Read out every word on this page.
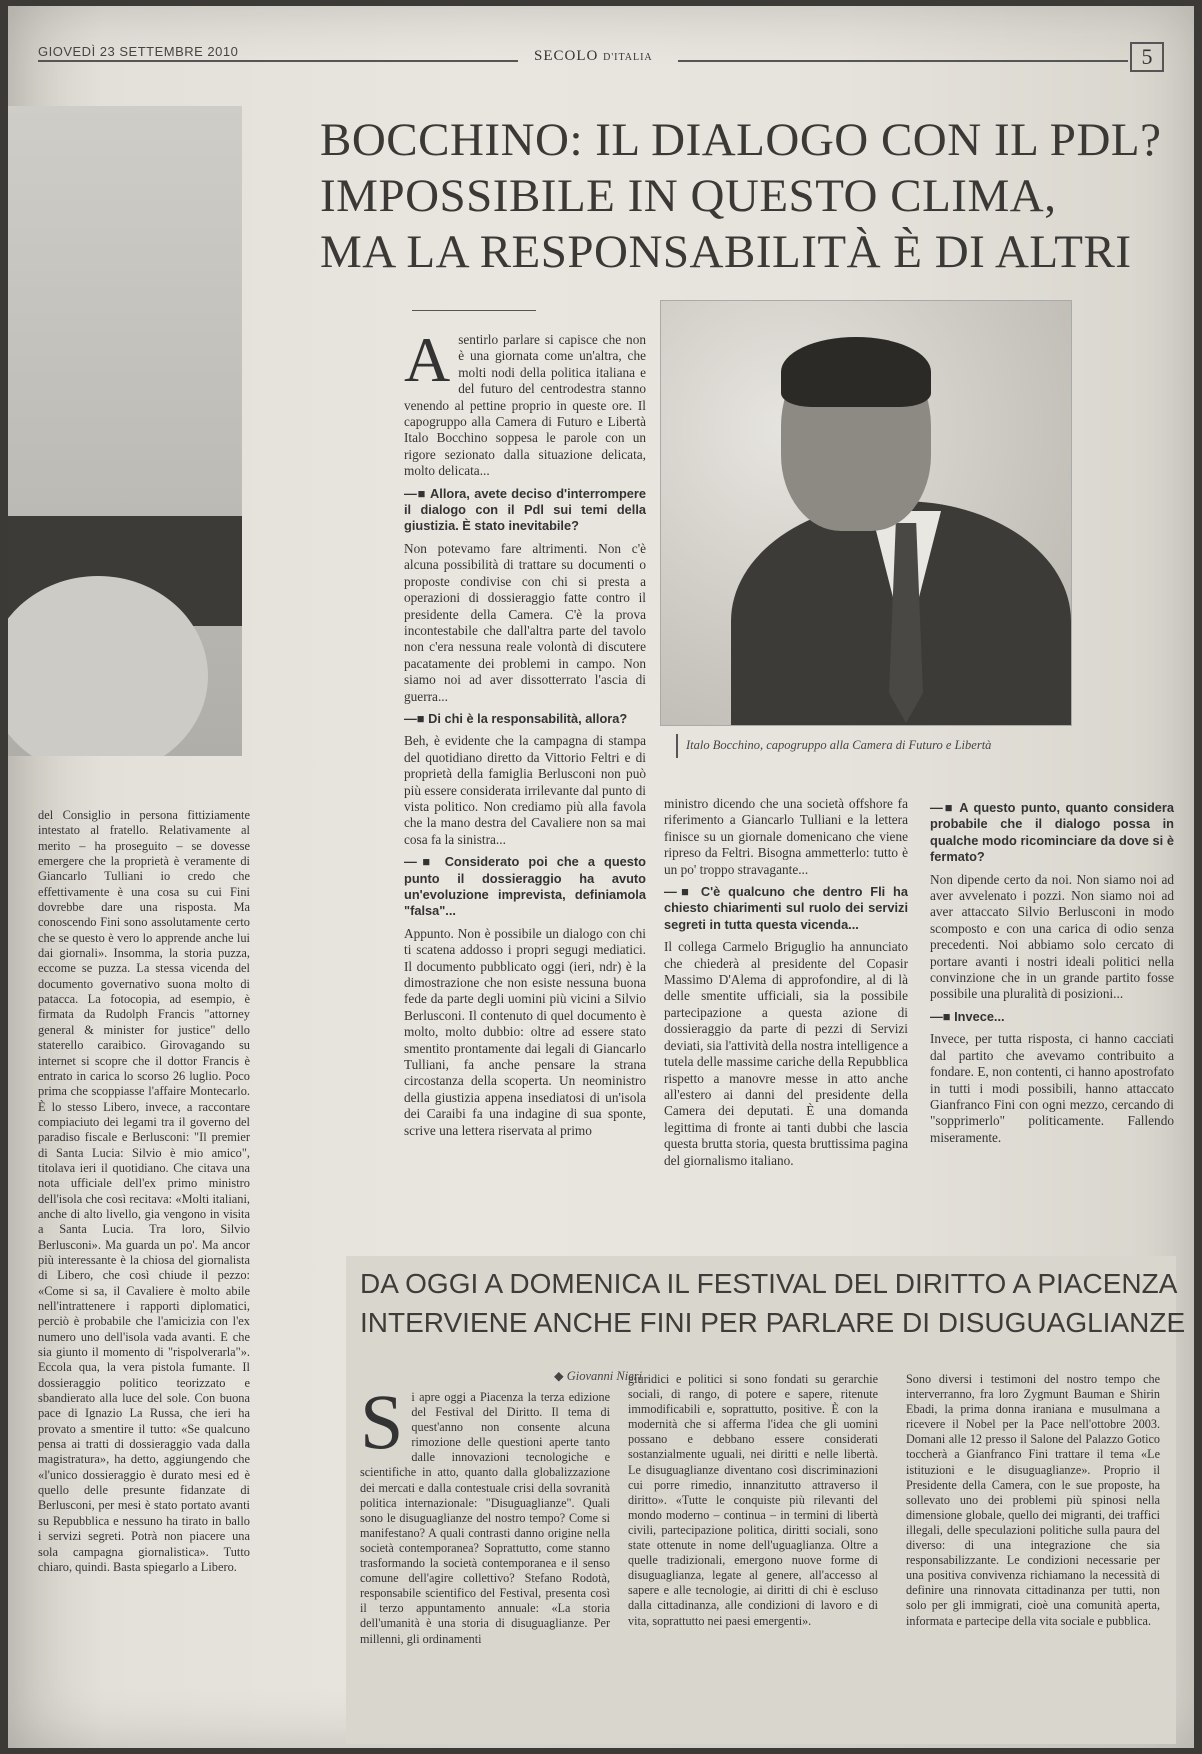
GIOVEDÌ 23 SETTEMBRE 2010	SECOLO D'ITALIA	5
BOCCHINO: IL DIALOGO CON IL PDL?
IMPOSSIBILE IN QUESTO CLIMA,
MA LA RESPONSABILITÀ È DI ALTRI

del Consiglio in persona fittiziamente intestato al fratello. Relativamente al merito ‒ ha proseguito ‒ se dovesse emergere che la proprietà è veramente di Giancarlo Tulliani io credo che effettivamente è una cosa su cui Fini dovrebbe dare una risposta. Ma conoscendo Fini sono assolutamente certo che se questo è vero lo apprende anche lui dai giornali». Insomma, la storia puzza, eccome se puzza. La stessa vicenda del documento governativo suona molto di patacca. La fotocopia, ad esempio, è firmata da Rudolph Francis "attorney general & minister for justice" dello staterello caraibico. Girovagando su internet si scopre che il dottor Francis è entrato in carica lo scorso 26 luglio. Poco prima che scoppiasse l'affaire Montecarlo. È lo stesso Libero, invece, a raccontare compiaciuto dei legami tra il governo del paradiso fiscale e Berlusconi: "Il premier di Santa Lucia: Silvio è mio amico", titolava ieri il quotidiano. Che citava una nota ufficiale dell'ex primo ministro dell'isola che così recitava: «Molti italiani, anche di alto livello, gia vengono in visita a Santa Lucia. Tra loro, Silvio Berlusconi». Ma guarda un po'. Ma ancor più interessante è la chiosa del giornalista di Libero, che così chiude il pezzo: «Come si sa, il Cavaliere è molto abile nell'intrattenere i rapporti diplomatici, perciò è probabile che l'amicizia con l'ex numero uno dell'isola vada avanti. E che sia giunto il momento di "rispolverarla"». Eccola qua, la vera pistola fumante. Il dossieraggio politico teorizzato e sbandierato alla luce del sole. Con buona pace di Ignazio La Russa, che ieri ha provato a smentire il tutto: «Se qualcuno pensa ai tratti di dossieraggio vada dalla magistratura», ha detto, aggiungendo che «l'unico dossieraggio è durato mesi ed è quello delle presunte fidanzate di Berlusconi, per mesi è stato portato avanti su Repubblica e nessuno ha tirato in ballo i servizi segreti. Potrà non piacere una sola campagna giornalistica». Tutto chiaro, quindi. Basta spiegarlo a Libero.

Asentirlo parlare si capisce che non è una giornata come un'altra, che molti nodi della politica italiana e del futuro del centrodestra stanno venendo al pettine proprio in queste ore. Il capogruppo alla Camera di Futuro e Libertà Italo Bocchino soppesa le parole con un rigore sezionato dalla situazione delicata, molto delicata...

—■ Allora, avete deciso d'interrompere il dialogo con il Pdl sui temi della giustizia. È stato inevitabile?

Non potevamo fare altrimenti. Non c'è alcuna possibilità di trattare su documenti o proposte condivise con chi si presta a operazioni di dossieraggio fatte contro il presidente della Camera. C'è la prova incontestabile che dall'altra parte del tavolo non c'era nessuna reale volontà di discutere pacatamente dei problemi in campo. Non siamo noi ad aver dissotterrato l'ascia di guerra...

—■ Di chi è la responsabilità, allora?

Beh, è evidente che la campagna di stampa del quotidiano diretto da Vittorio Feltri e di proprietà della famiglia Berlusconi non può più essere considerata irrilevante dal punto di vista politico. Non crediamo più alla favola che la mano destra del Cavaliere non sa mai cosa fa la sinistra...

—■ Considerato poi che a questo punto il dossieraggio ha avuto un'evoluzione imprevista, definiamola "falsa"...

Appunto. Non è possibile un dialogo con chi ti scatena addosso i propri segugi mediatici. Il documento pubblicato oggi (ieri, ndr) è la dimostrazione che non esiste nessuna buona fede da parte degli uomini più vicini a Silvio Berlusconi. Il contenuto di quel documento è molto, molto dubbio: oltre ad essere stato smentito prontamente dai legali di Giancarlo Tulliani, fa anche pensare la strana circostanza della scoperta. Un neoministro della giustizia appena insediatosi di un'isola dei Caraibi fa una indagine di sua sponte, scrive una lettera riservata al primo

Italo Bocchino, capogruppo alla Camera di Futuro e Libertà

ministro dicendo che una società offshore fa riferimento a Giancarlo Tulliani e la lettera finisce su un giornale domenicano che viene ripreso da Feltri. Bisogna ammetterlo: tutto è un po' troppo stravagante...

—■ C'è qualcuno che dentro Fli ha chiesto chiarimenti sul ruolo dei servizi segreti in tutta questa vicenda...

Il collega Carmelo Briguglio ha annunciato che chiederà al presidente del Copasir Massimo D'Alema di approfondire, al di là delle smentite ufficiali, sia la possibile partecipazione a questa azione di dossieraggio da parte di pezzi di Servizi deviati, sia l'attività della nostra intelligence a tutela delle massime cariche della Repubblica rispetto a manovre messe in atto anche all'estero ai danni del presidente della Camera dei deputati. È una domanda legittima di fronte ai tanti dubbi che lascia questa brutta storia, questa bruttissima pagina del giornalismo italiano.

—■ A questo punto, quanto considera probabile che il dialogo possa in qualche modo ricominciare da dove si è fermato?

Non dipende certo da noi. Non siamo noi ad aver avvelenato i pozzi. Non siamo noi ad aver attaccato Silvio Berlusconi in modo scomposto e con una carica di odio senza precedenti. Noi abbiamo solo cercato di portare avanti i nostri ideali politici nella convinzione che in un grande partito fosse possibile una pluralità di posizioni...

—■ Invece...

Invece, per tutta risposta, ci hanno cacciati dal partito che avevamo contribuito a fondare. E, non contenti, ci hanno apostrofato in tutti i modi possibili, hanno attaccato Gianfranco Fini con ogni mezzo, cercando di "sopprimerlo" politicamente. Fallendo miseramente.

DA OGGI A DOMENICA IL FESTIVAL DEL DIRITTO A PIACENZA
INTERVIENE ANCHE FINI PER PARLARE DI DISUGUAGLIANZE
◆ Giovanni Nieri

Si apre oggi a Piacenza la terza edizione del Festival del Diritto. Il tema di quest'anno non consente alcuna rimozione delle questioni aperte tanto dalle innovazioni tecnologiche e scientifiche in atto, quanto dalla globalizzazione dei mercati e dalla contestuale crisi della sovranità politica internazionale: "Disuguaglianze". Quali sono le disuguaglianze del nostro tempo? Come si manifestano? A quali contrasti danno origine nella società contemporanea? Soprattutto, come stanno trasformando la società contemporanea e il senso comune dell'agire collettivo? Stefano Rodotà, responsabile scientifico del Festival, presenta così il terzo appuntamento annuale: «La storia dell'umanità è una storia di disuguaglianze. Per millenni, gli ordinamenti

giuridici e politici si sono fondati su gerarchie sociali, di rango, di potere e sapere, ritenute immodificabili e, soprattutto, positive. È con la modernità che si afferma l'idea che gli uomini possano e debbano essere considerati sostanzialmente uguali, nei diritti e nelle libertà. Le disuguaglianze diventano così discriminazioni cui porre rimedio, innanzitutto attraverso il diritto». «Tutte le conquiste più rilevanti del mondo moderno ‒ continua ‒ in termini di libertà civili, partecipazione politica, diritti sociali, sono state ottenute in nome dell'uguaglianza. Oltre a quelle tradizionali, emergono nuove forme di disuguaglianza, legate al genere, all'accesso al sapere e alle tecnologie, ai diritti di chi è escluso dalla cittadinanza, alle condizioni di lavoro e di vita, soprattutto nei paesi emergenti».

Sono diversi i testimoni del nostro tempo che interverranno, fra loro Zygmunt Bauman e Shirin Ebadi, la prima donna iraniana e musulmana a ricevere il Nobel per la Pace nell'ottobre 2003. Domani alle 12 presso il Salone del Palazzo Gotico toccherà a Gianfranco Fini trattare il tema «Le istituzioni e le disuguaglianze». Proprio il Presidente della Camera, con le sue proposte, ha sollevato uno dei problemi più spinosi nella dimensione globale, quello dei migranti, dei traffici illegali, delle speculazioni politiche sulla paura del diverso: di una integrazione che sia responsabilizzante. Le condizioni necessarie per una positiva convivenza richiamano la necessità di definire una rinnovata cittadinanza per tutti, non solo per gli immigrati, cioè una comunità aperta, informata e partecipe della vita sociale e pubblica.
